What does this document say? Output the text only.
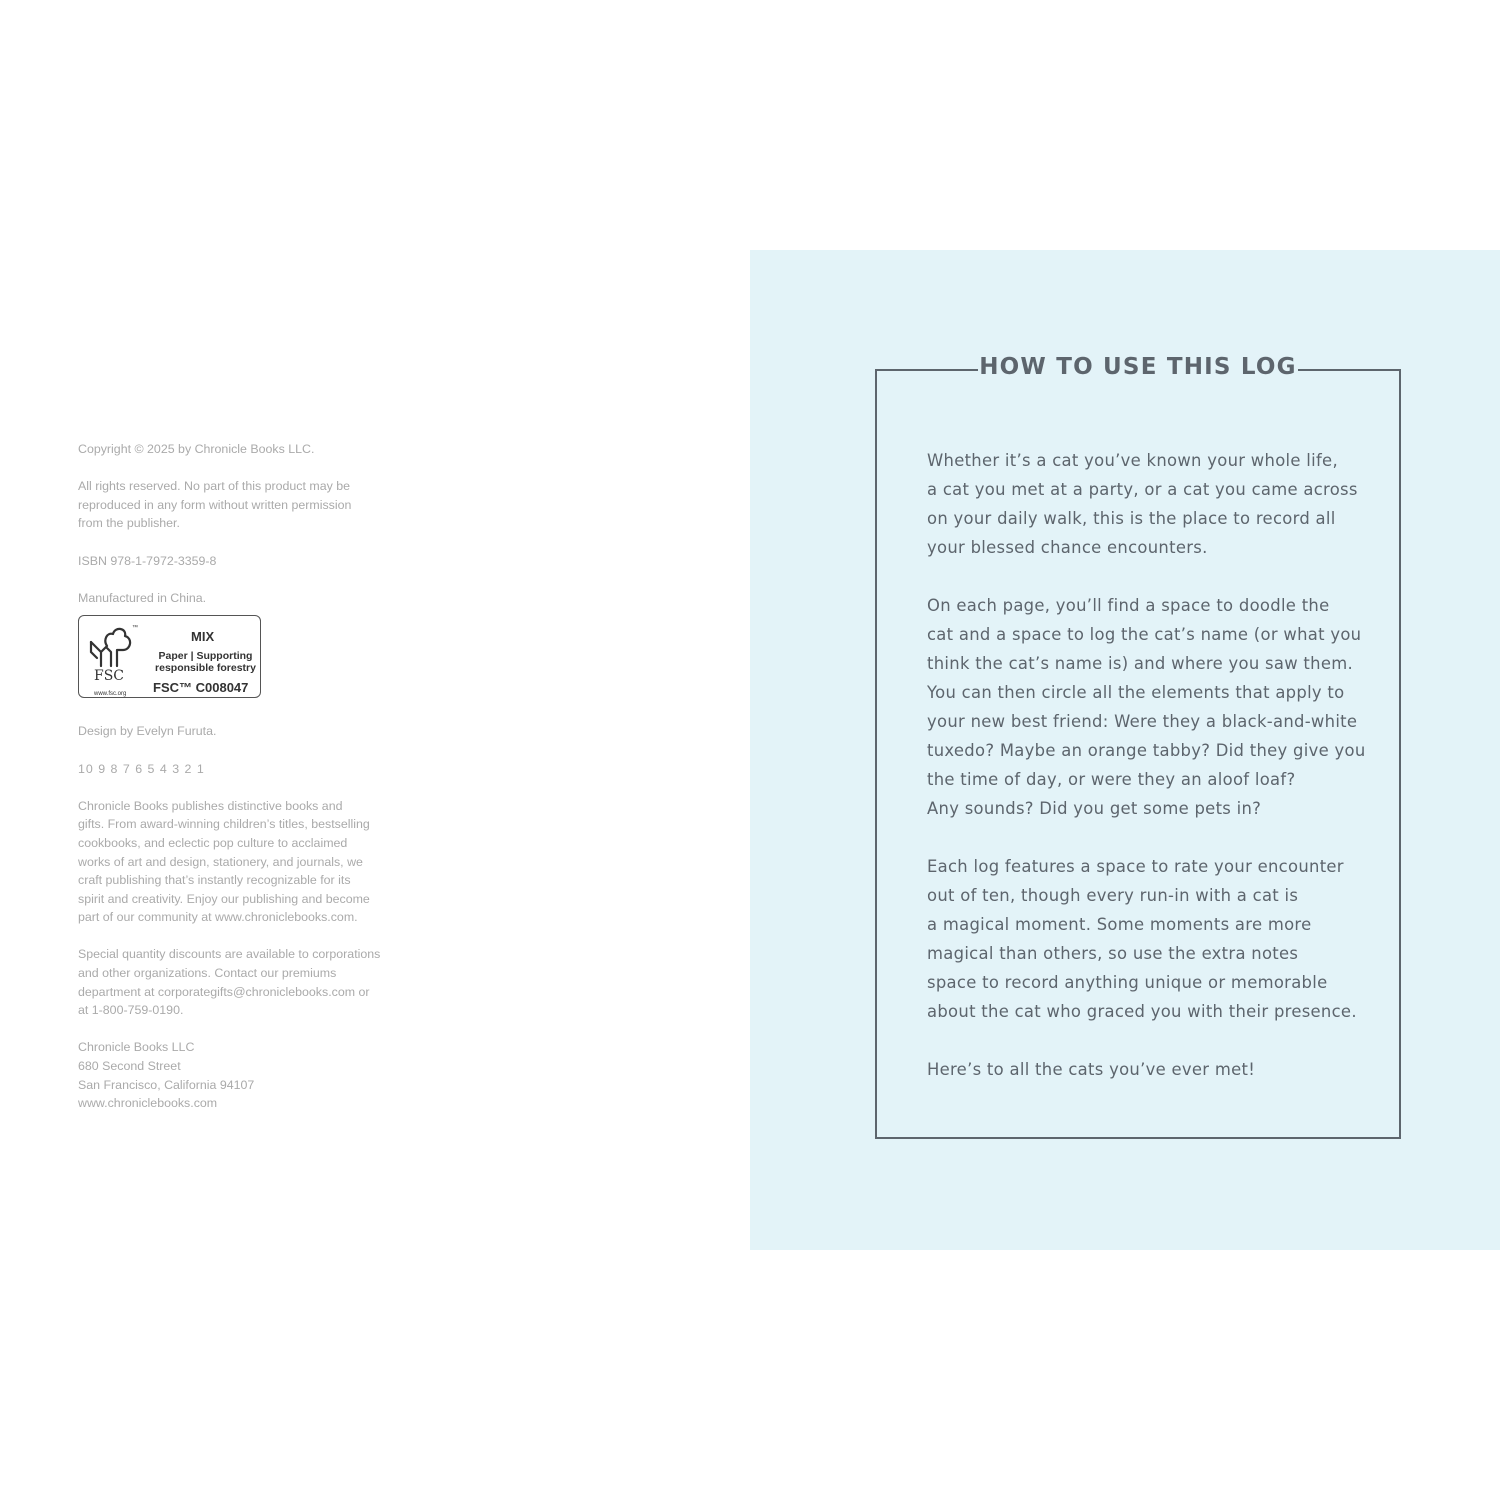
Copyright © 2025 by Chronicle Books LLC.

All rights reserved. No part of this product may be
reproduced in any form without written permission
from the publisher.

ISBN 978-1-7972-3359-8

Manufactured in China.

™
FSC
www.fsc.org
MIX
Paper | Supporting
responsible forestry
FSC™ C008047

Design by Evelyn Furuta.

10 9 8 7 6 5 4 3 2 1

Chronicle Books publishes distinctive books and
gifts. From award-winning children’s titles, bestselling
cookbooks, and eclectic pop culture to acclaimed
works of art and design, stationery, and journals, we
craft publishing that’s instantly recognizable for its
spirit and creativity. Enjoy our publishing and become
part of our community at www.chroniclebooks.com.

Special quantity discounts are available to corporations
and other organizations. Contact our premiums
department at corporategifts@chroniclebooks.com or
at 1-800-759-0190.

Chronicle Books LLC
680 Second Street
San Francisco, California 94107
www.chroniclebooks.com

HOW TO USE THIS LOG

Whether it’s a cat you’ve known your whole life,
a cat you met at a party, or a cat you came across
on your daily walk, this is the place to record all
your blessed chance encounters.

On each page, you’ll find a space to doodle the
cat and a space to log the cat’s name (or what you
think the cat’s name is) and where you saw them.
You can then circle all the elements that apply to
your new best friend: Were they a black-and-white
tuxedo? Maybe an orange tabby? Did they give you
the time of day, or were they an aloof loaf?
Any sounds? Did you get some pets in?

Each log features a space to rate your encounter
out of ten, though every run-in with a cat is
a magical moment. Some moments are more
magical than others, so use the extra notes
space to record anything unique or memorable
about the cat who graced you with their presence.

Here’s to all the cats you’ve ever met!
